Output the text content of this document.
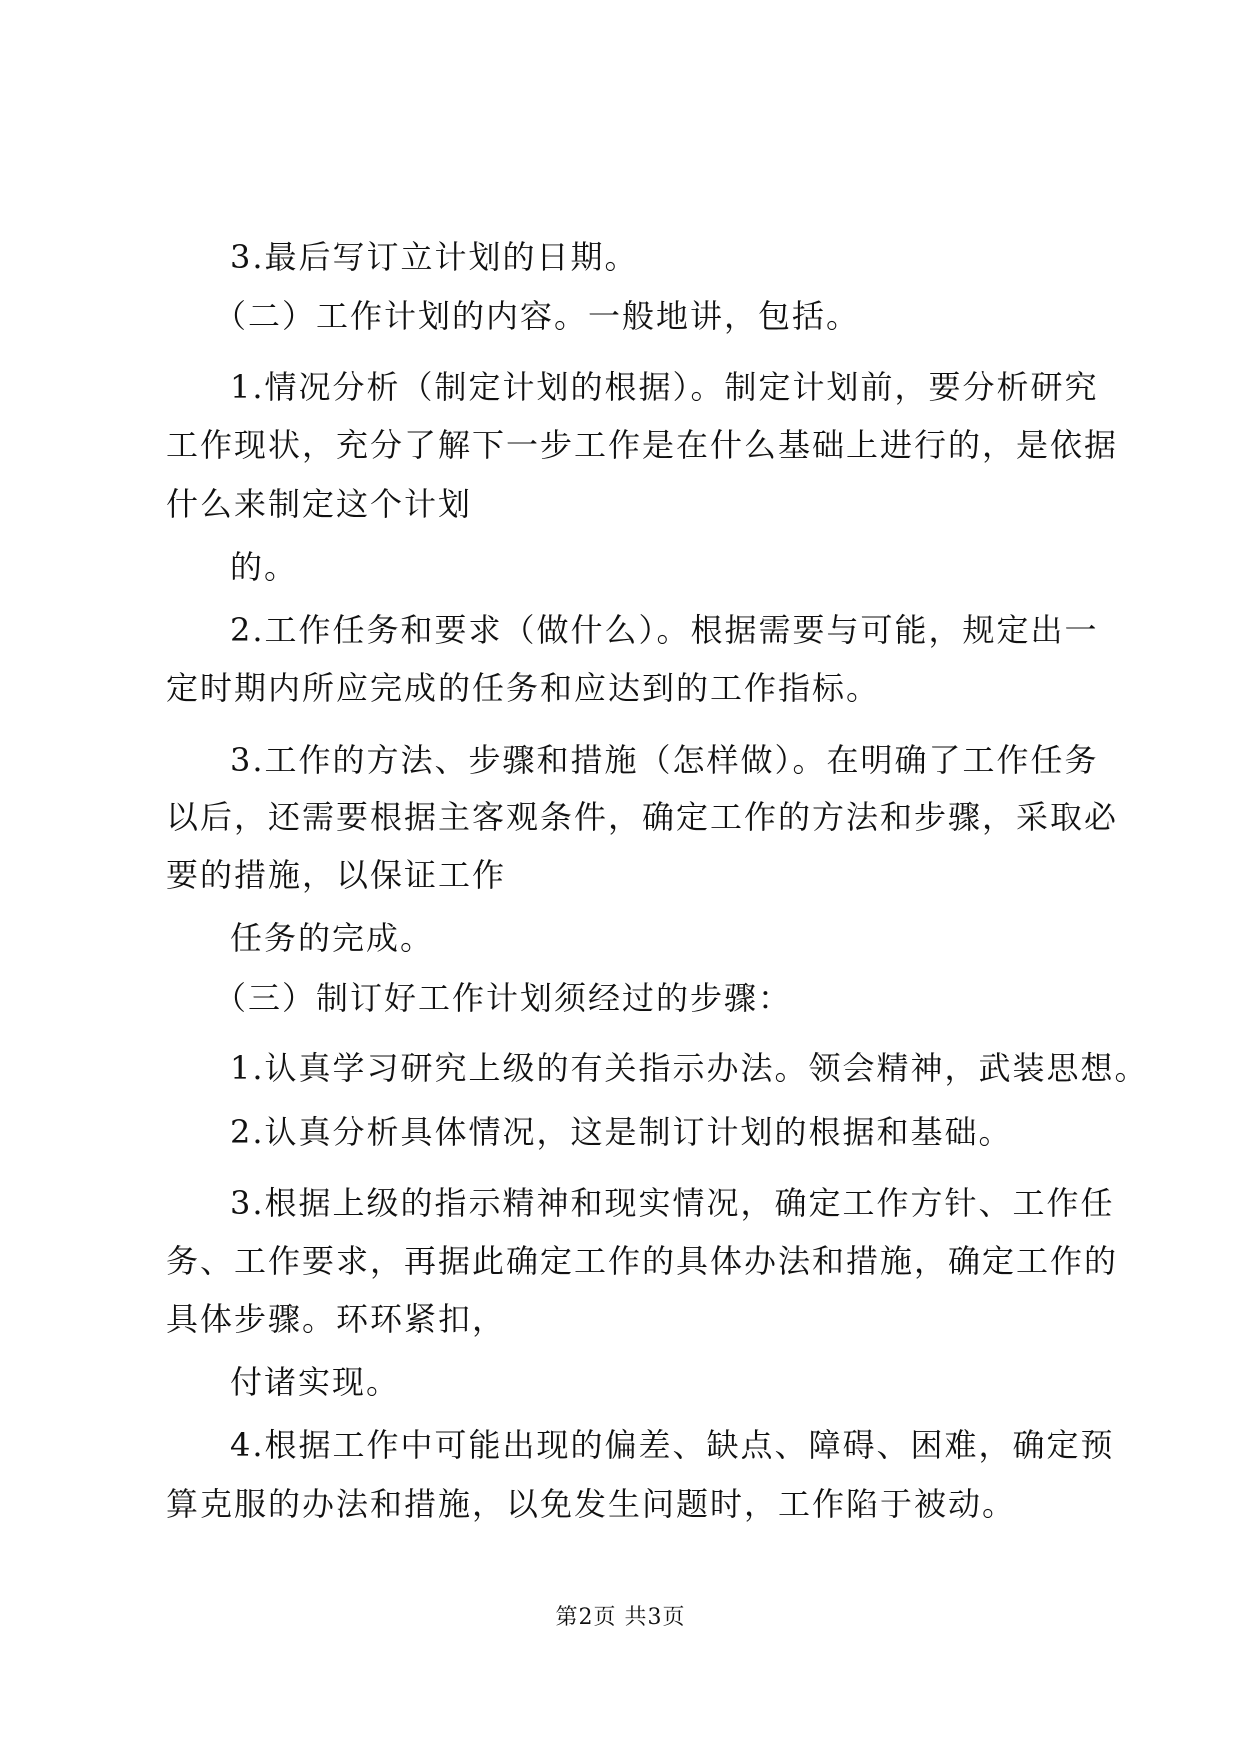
3.最后写订立计划的日期。
（二）工作计划的内容。一般地讲，包括。
1.情况分析（制定计划的根据）。制定计划前，要分析研究
工作现状，充分了解下一步工作是在什么基础上进行的，是依据
什么来制定这个计划
的。
2.工作任务和要求（做什么）。根据需要与可能，规定出一
定时期内所应完成的任务和应达到的工作指标。
3.工作的方法、步骤和措施（怎样做）。在明确了工作任务
以后，还需要根据主客观条件，确定工作的方法和步骤，采取必
要的措施，以保证工作
任务的完成。
（三）制订好工作计划须经过的步骤：
1.认真学习研究上级的有关指示办法。领会精神，武装思想。
2.认真分析具体情况，这是制订计划的根据和基础。
3.根据上级的指示精神和现实情况，确定工作方针、工作任
务、工作要求，再据此确定工作的具体办法和措施，确定工作的
具体步骤。环环紧扣，
付诸实现。
4.根据工作中可能出现的偏差、缺点、障碍、困难，确定预
算克服的办法和措施，以免发生问题时，工作陷于被动。
第2页 共3页
